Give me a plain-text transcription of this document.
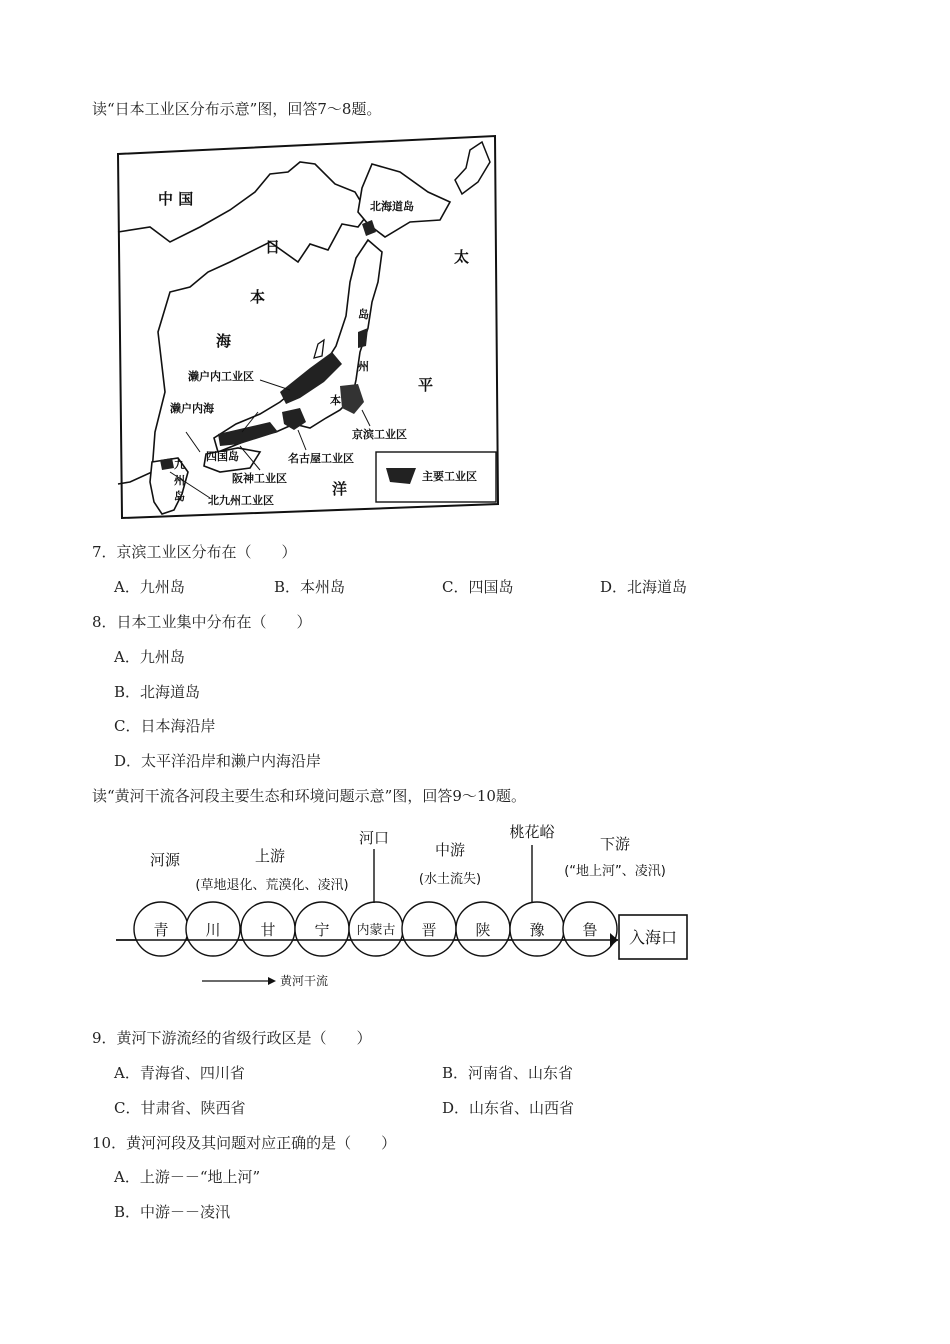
读“日本工业区分布示意”图，回答7～8题。
中 国
日
本
海
太
平
洋
岛
州
本
北海道岛
濑户内工业区
濑户内海
四国岛
京滨工业区
名古屋工业区
阪神工业区
北九州工业区
九
州
岛
主要工业区
7．京滨工业区分布在（　　）
A．九州岛	B．本州岛	C．四国岛	D．北海道岛
8．日本工业集中分布在（　　）
A．九州岛
B．北海道岛
C．日本海沿岸
D．太平洋沿岸和濑户内海沿岸
读“黄河干流各河段主要生态和环境问题示意”图，回答9～10题。
青 川	甘	宁 内蒙古 晋	陕	豫	鲁 入海口
河源	上游
(草地退化、荒漠化、凌汛)
河口
中游
(水土流失)
桃花峪
下游
(“地上河”、凌汛)
黄河干流
9．黄河下游流经的省级行政区是（　　）
A．青海省、四川省	B．河南省、山东省
C．甘肃省、陕西省	D．山东省、山西省
10．黄河河段及其问题对应正确的是（　　）
A．上游－－“地上河”
B．中游－－凌汛
